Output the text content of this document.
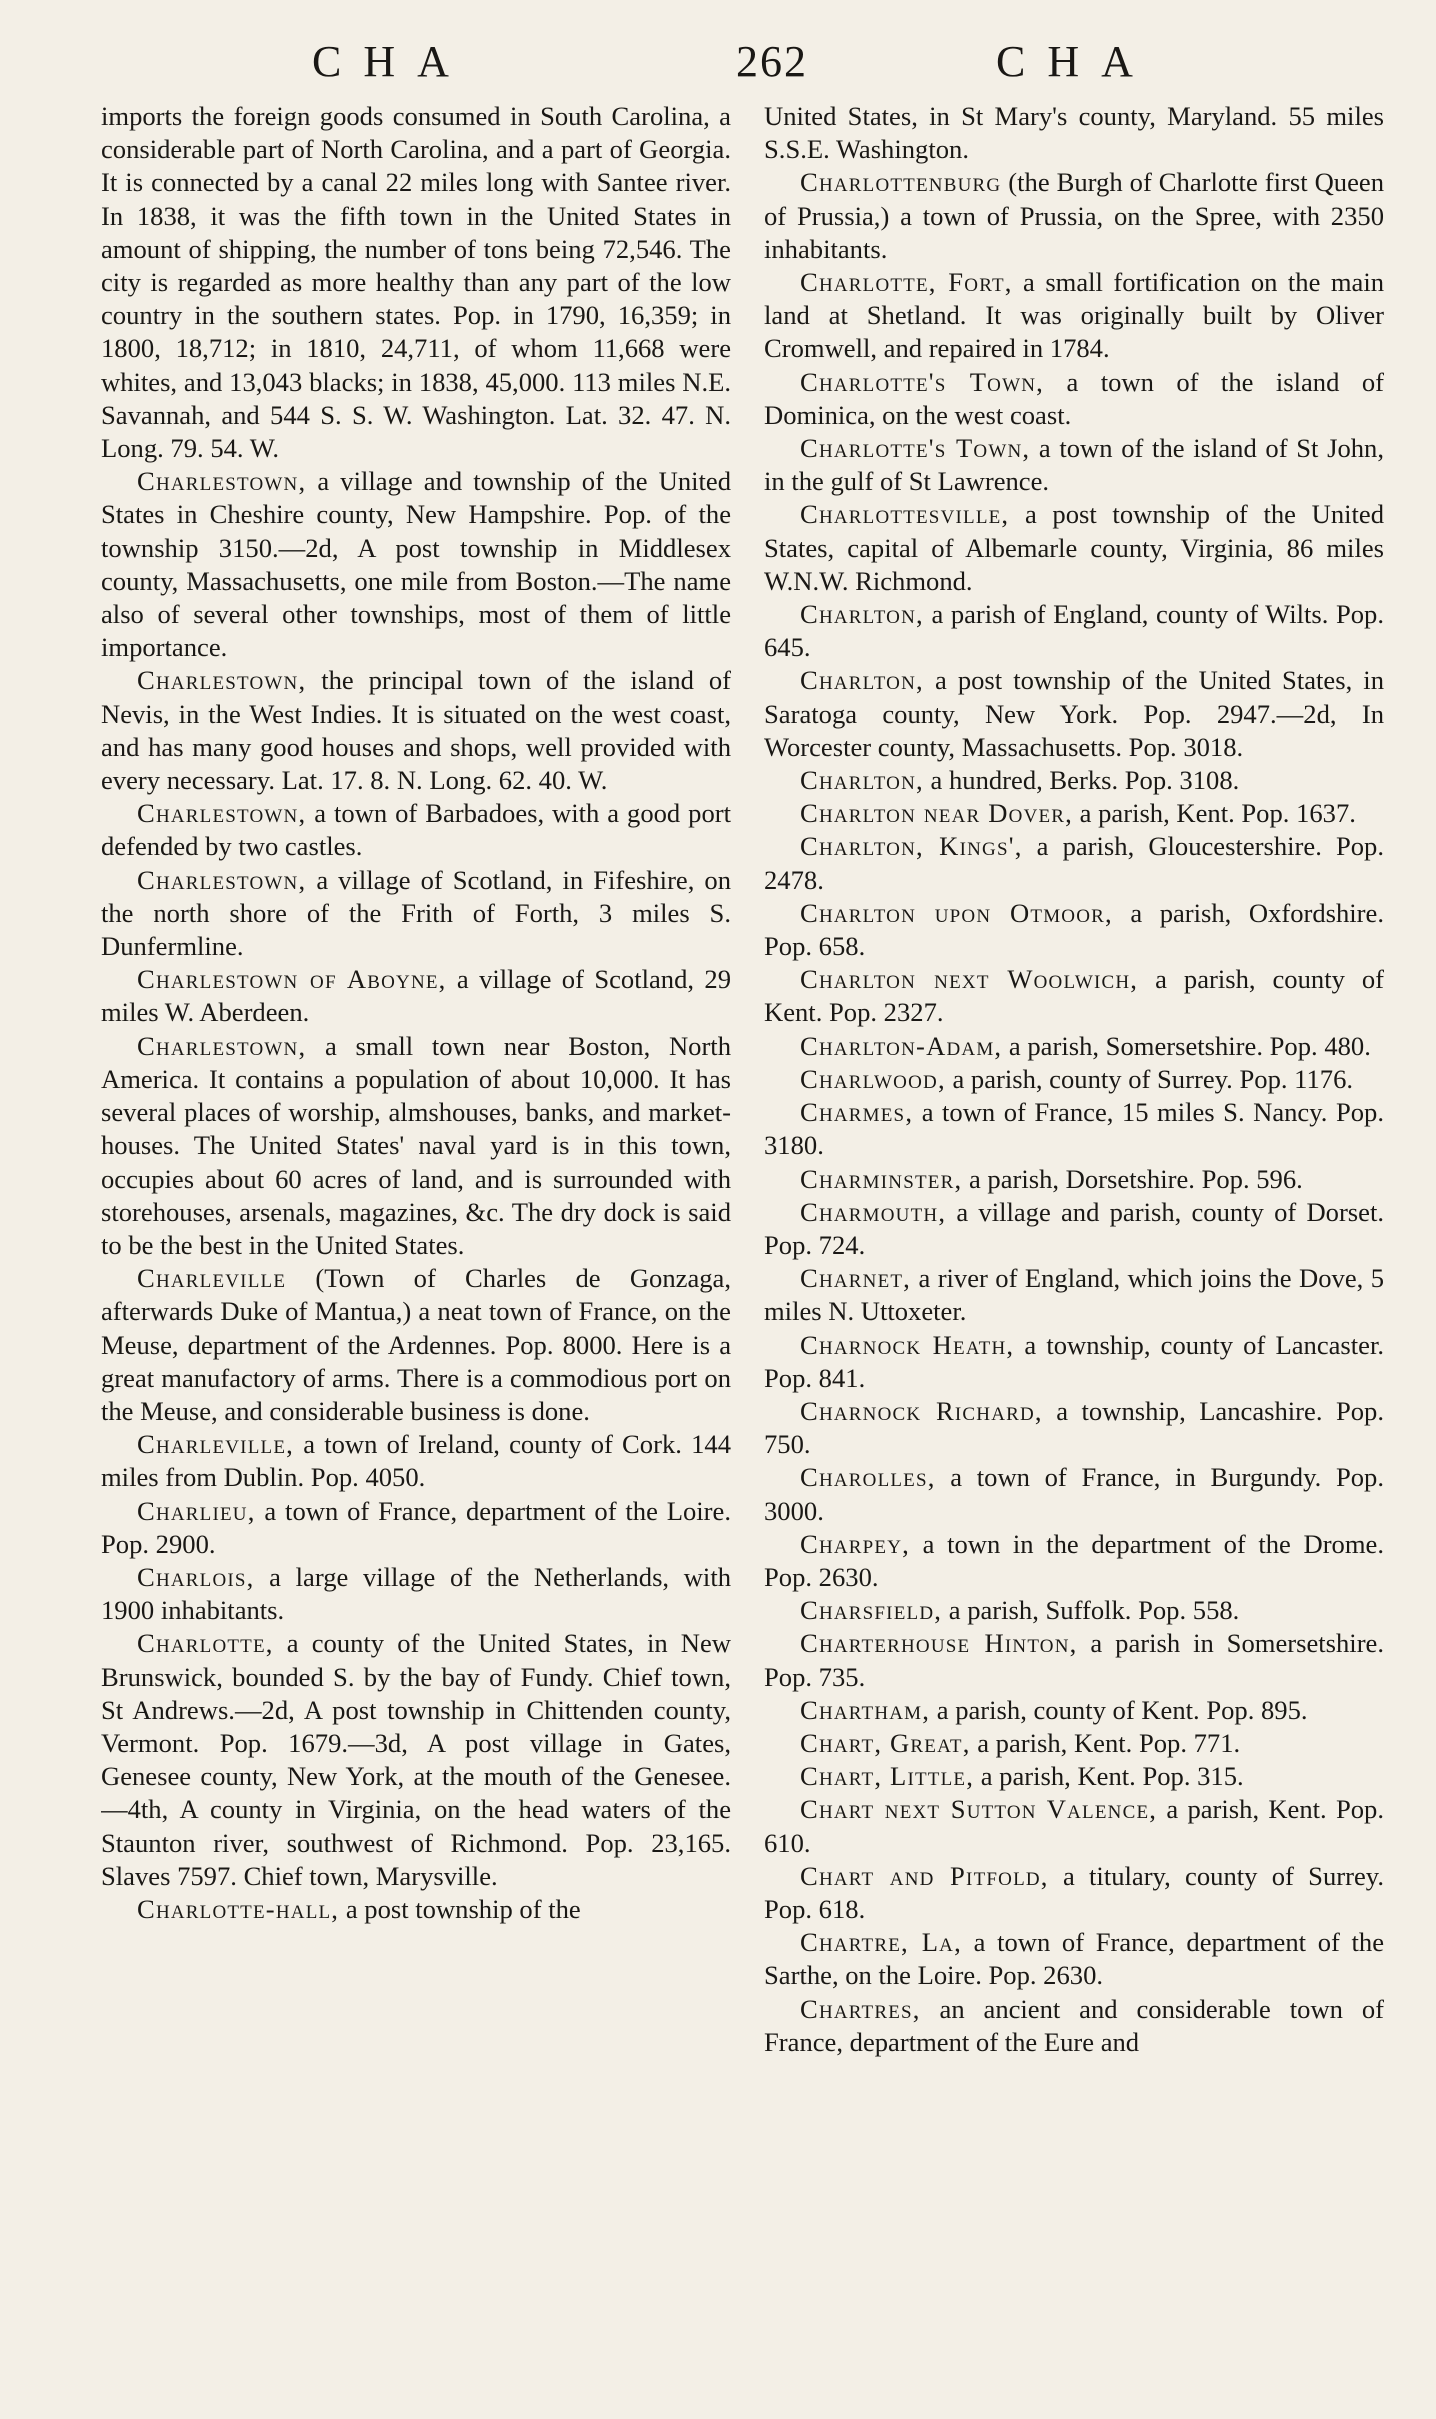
CHA	262	CHA

imports the foreign goods consumed in South Carolina, a considerable part of North Carolina, and a part of Georgia. It is connected by a canal 22 miles long with Santee river. In 1838, it was the fifth town in the United States in amount of shipping, the number of tons being 72,546. The city is regarded as more healthy than any part of the low country in the southern states. Pop. in 1790, 16,359; in 1800, 18,712; in 1810, 24,711, of whom 11,668 were whites, and 13,043 blacks; in 1838, 45,000. 113 miles N.E. Savannah, and 544 S. S. W. Washington. Lat. 32. 47. N. Long. 79. 54. W.

Charlestown, a village and township of the United States in Cheshire county, New Hampshire. Pop. of the township 3150.—2d, A post township in Middlesex county, Massachusetts, one mile from Boston.—The name also of several other townships, most of them of little importance.

Charlestown, the principal town of the island of Nevis, in the West Indies. It is situated on the west coast, and has many good houses and shops, well provided with every necessary. Lat. 17. 8. N. Long. 62. 40. W.

Charlestown, a town of Barbadoes, with a good port defended by two castles.

Charlestown, a village of Scotland, in Fifeshire, on the north shore of the Frith of Forth, 3 miles S. Dunfermline.

Charlestown of Aboyne, a village of Scotland, 29 miles W. Aberdeen.

Charlestown, a small town near Boston, North America. It contains a population of about 10,000. It has several places of worship, almshouses, banks, and market-houses. The United States' naval yard is in this town, occupies about 60 acres of land, and is surrounded with storehouses, arsenals, magazines, &c. The dry dock is said to be the best in the United States.

Charleville (Town of Charles de Gonzaga, afterwards Duke of Mantua,) a neat town of France, on the Meuse, department of the Ardennes. Pop. 8000. Here is a great manufactory of arms. There is a commodious port on the Meuse, and considerable business is done.

Charleville, a town of Ireland, county of Cork. 144 miles from Dublin. Pop. 4050.

Charlieu, a town of France, department of the Loire. Pop. 2900.

Charlois, a large village of the Netherlands, with 1900 inhabitants.

Charlotte, a county of the United States, in New Brunswick, bounded S. by the bay of Fundy. Chief town, St Andrews.—2d, A post township in Chittenden county, Vermont. Pop. 1679.—3d, A post village in Gates, Genesee county, New York, at the mouth of the Genesee.—4th, A county in Virginia, on the head waters of the Staunton river, southwest of Richmond. Pop. 23,165. Slaves 7597. Chief town, Marysville.

Charlotte-hall, a post township of the

United States, in St Mary's county, Maryland. 55 miles S.S.E. Washington.

Charlottenburg (the Burgh of Charlotte first Queen of Prussia,) a town of Prussia, on the Spree, with 2350 inhabitants.

Charlotte, Fort, a small fortification on the main land at Shetland. It was originally built by Oliver Cromwell, and repaired in 1784.

Charlotte's Town, a town of the island of Dominica, on the west coast.

Charlotte's Town, a town of the island of St John, in the gulf of St Lawrence.

Charlottesville, a post township of the United States, capital of Albemarle county, Virginia, 86 miles W.N.W. Richmond.

Charlton, a parish of England, county of Wilts. Pop. 645.

Charlton, a post township of the United States, in Saratoga county, New York. Pop. 2947.—2d, In Worcester county, Massachusetts. Pop. 3018.

Charlton, a hundred, Berks. Pop. 3108.

Charlton near Dover, a parish, Kent. Pop. 1637.

Charlton, Kings', a parish, Gloucestershire. Pop. 2478.

Charlton upon Otmoor, a parish, Oxfordshire. Pop. 658.

Charlton next Woolwich, a parish, county of Kent. Pop. 2327.

Charlton-Adam, a parish, Somersetshire. Pop. 480.

Charlwood, a parish, county of Surrey. Pop. 1176.

Charmes, a town of France, 15 miles S. Nancy. Pop. 3180.

Charminster, a parish, Dorsetshire. Pop. 596.

Charmouth, a village and parish, county of Dorset. Pop. 724.

Charnet, a river of England, which joins the Dove, 5 miles N. Uttoxeter.

Charnock Heath, a township, county of Lancaster. Pop. 841.

Charnock Richard, a township, Lancashire. Pop. 750.

Charolles, a town of France, in Burgundy. Pop. 3000.

Charpey, a town in the department of the Drome. Pop. 2630.

Charsfield, a parish, Suffolk. Pop. 558.

Charterhouse Hinton, a parish in Somersetshire. Pop. 735.

Chartham, a parish, county of Kent. Pop. 895.

Chart, Great, a parish, Kent. Pop. 771.

Chart, Little, a parish, Kent. Pop. 315.

Chart next Sutton Valence, a parish, Kent. Pop. 610.

Chart and Pitfold, a titulary, county of Surrey. Pop. 618.

Chartre, La, a town of France, department of the Sarthe, on the Loire. Pop. 2630.

Chartres, an ancient and considerable town of France, department of the Eure and
